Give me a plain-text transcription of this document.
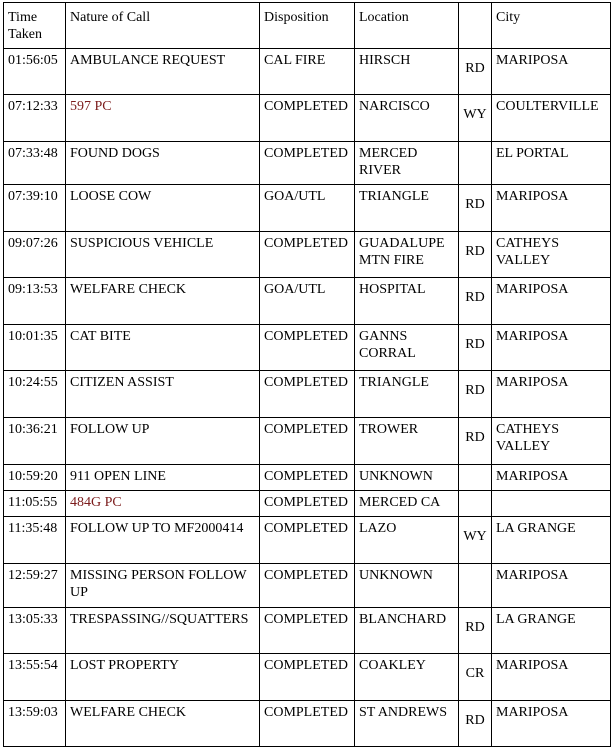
Time Taken	Nature of Call	Disposition	Location		City
01:56:05	AMBULANCE REQUEST	CAL FIRE	HIRSCH	RD	MARIPOSA
07:12:33	597 PC	COMPLETED	NARCISCO	WY	COULTERVILLE
07:33:48	FOUND DOGS	COMPLETED	MERCED RIVER		EL PORTAL
07:39:10	LOOSE COW	GOA/UTL	TRIANGLE	RD	MARIPOSA
09:07:26	SUSPICIOUS VEHICLE	COMPLETED	GUADALUPE MTN FIRE	RD	CATHEYS VALLEY
09:13:53	WELFARE CHECK	GOA/UTL	HOSPITAL	RD	MARIPOSA
10:01:35	CAT BITE	COMPLETED	GANNS CORRAL	RD	MARIPOSA
10:24:55	CITIZEN ASSIST	COMPLETED	TRIANGLE	RD	MARIPOSA
10:36:21	FOLLOW UP	COMPLETED	TROWER	RD	CATHEYS VALLEY
10:59:20	911 OPEN LINE	COMPLETED	UNKNOWN		MARIPOSA
11:05:55	484G PC	COMPLETED	MERCED CA		
11:35:48	FOLLOW UP TO MF2000414	COMPLETED	LAZO	WY	LA GRANGE
12:59:27	MISSING PERSON FOLLOW UP	COMPLETED	UNKNOWN		MARIPOSA
13:05:33	TRESPASSING//SQUATTERS	COMPLETED	BLANCHARD	RD	LA GRANGE
13:55:54	LOST PROPERTY	COMPLETED	COAKLEY	CR	MARIPOSA
13:59:03	WELFARE CHECK	COMPLETED	ST ANDREWS	RD	MARIPOSA
